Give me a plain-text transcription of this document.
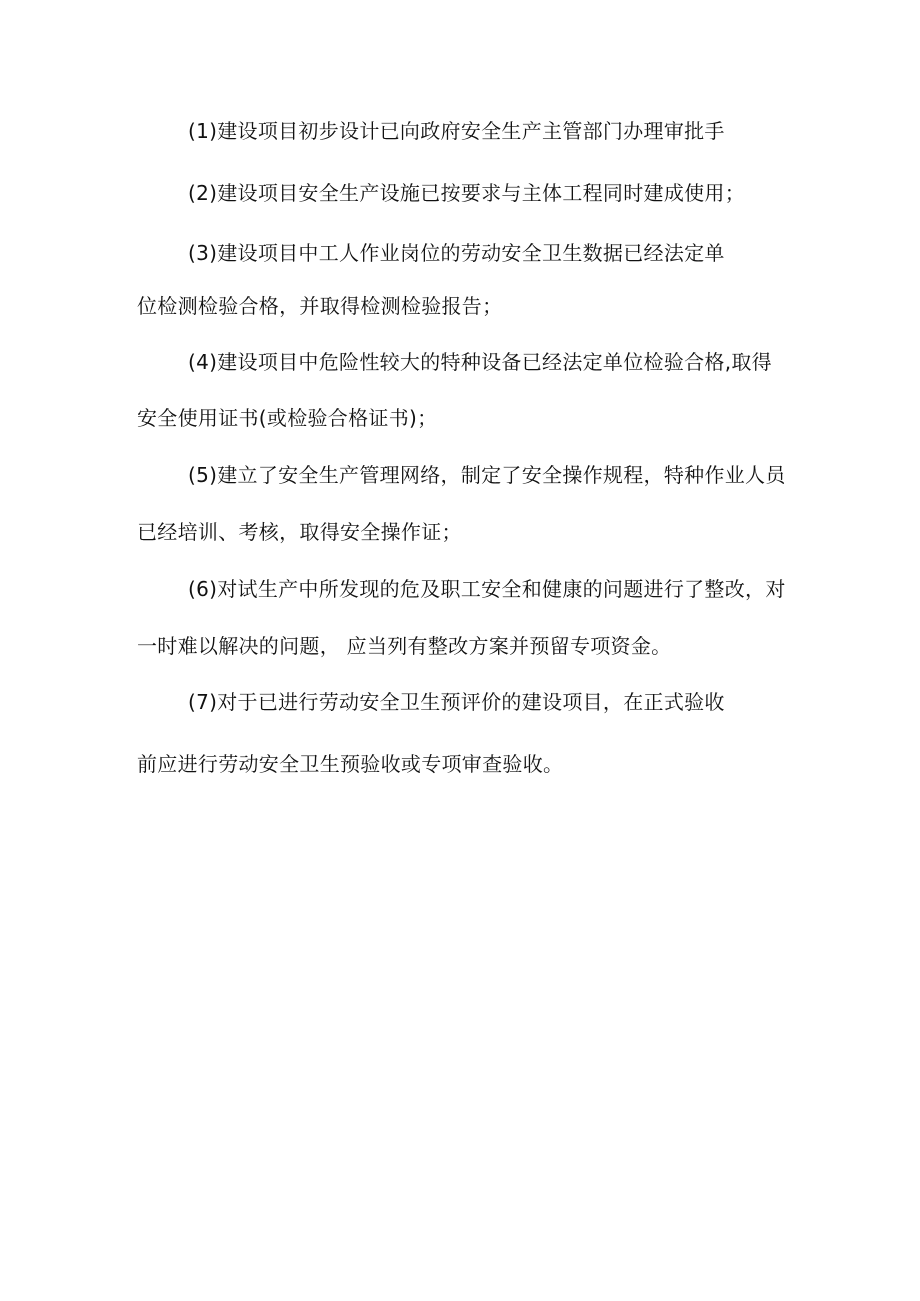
(1)建设项目初步设计已向政府安全生产主管部门办理审批手
(2)建设项目安全生产设施已按要求与主体工程同时建成使用；
(3)建设项目中工人作业岗位的劳动安全卫生数据已经法定单
位检测检验合格，并取得检测检验报告；
(4)建设项目中危险性较大的特种设备已经法定单位检验合格,取得
安全使用证书(或检验合格证书)；
(5)建立了安全生产管理网络，制定了安全操作规程，特种作业人员
已经培训、考核，取得安全操作证；
(6)对试生产中所发现的危及职工安全和健康的问题进行了整改，对
一时难以解决的问题， 应当列有整改方案并预留专项资金。
(7)对于已进行劳动安全卫生预评价的建设项目，在正式验收
前应进行劳动安全卫生预验收或专项审查验收。
